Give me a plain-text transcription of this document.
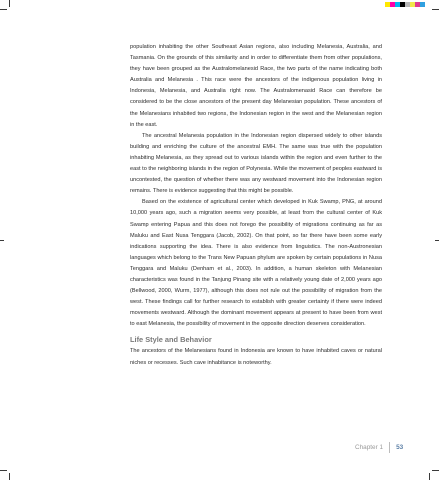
population inhabiting the other Southeast Asian regions, also including Melanesia, Australia, and Tasmania. On the grounds of this similarity and in order to differentiate them from other populations, they have been grouped as the Australomelanesid Race, the two parts of the name indicating both Australia and Melanesia . This race were the ancestors of the indigenous population living in Indonesia, Melanesia, and Australia right now. The Australomenasid Race can therefore be considered to be the close ancestors of the present day Melanesian population. These ancestors of the Melanesians inhabited two regions, the Indonesian region in the west and the Melanesian region in the east.

The ancestral Melanesia population in the Indonesian region dispersed widely to other islands building and enriching the culture of the ancestral EMH. The same was true with the population inhabiting Melanesia, as they spread out to various islands within the region and even further to the east to the neighboring islands in the region of Polynesia. While the movement of peoples eastward is uncontested, the question of whether there was any westward movement into the Indonesian region remains. There is evidence suggesting that this might be possible.

Based on the existence of agricultural center which developed in Kuk Swamp, PNG, at around 10,000 years ago, such a migration seems very possible, at least from the cultural center of Kuk Swamp entering Papua and this does not forego the possibility of migrations continuing as far as Maluku and East Nusa Tenggara (Jacob, 2002). On that point, so far there have been some early indications supporting the idea. There is also evidence from linguistics. The non-Austronesian languages which belong to the Trans New Papuan phylum are spoken by certain populations in Nusa Tenggara and Maluku (Denham et al., 2003). In addition, a human skeleton with Melanesian characteristics was found in the Tanjung Pinang site with a relatively young date of 2,000 years ago (Bellwood, 2000, Wurm, 1977), although this does not rule out the possibility of migration from the west. These findings call for further research to establish with greater certainty if there were indeed movements westward. Although the dominant movement appears at present to have been from west to east Melanesia, the possibility of movement in the opposite direction deserves consideration.

Life Style and Behavior

The ancestors of the Melanesians found in Indonesia are known to have inhabited caves or natural niches or recesses. Such cave inhabitance is noteworthy.

Chapter 1 53
